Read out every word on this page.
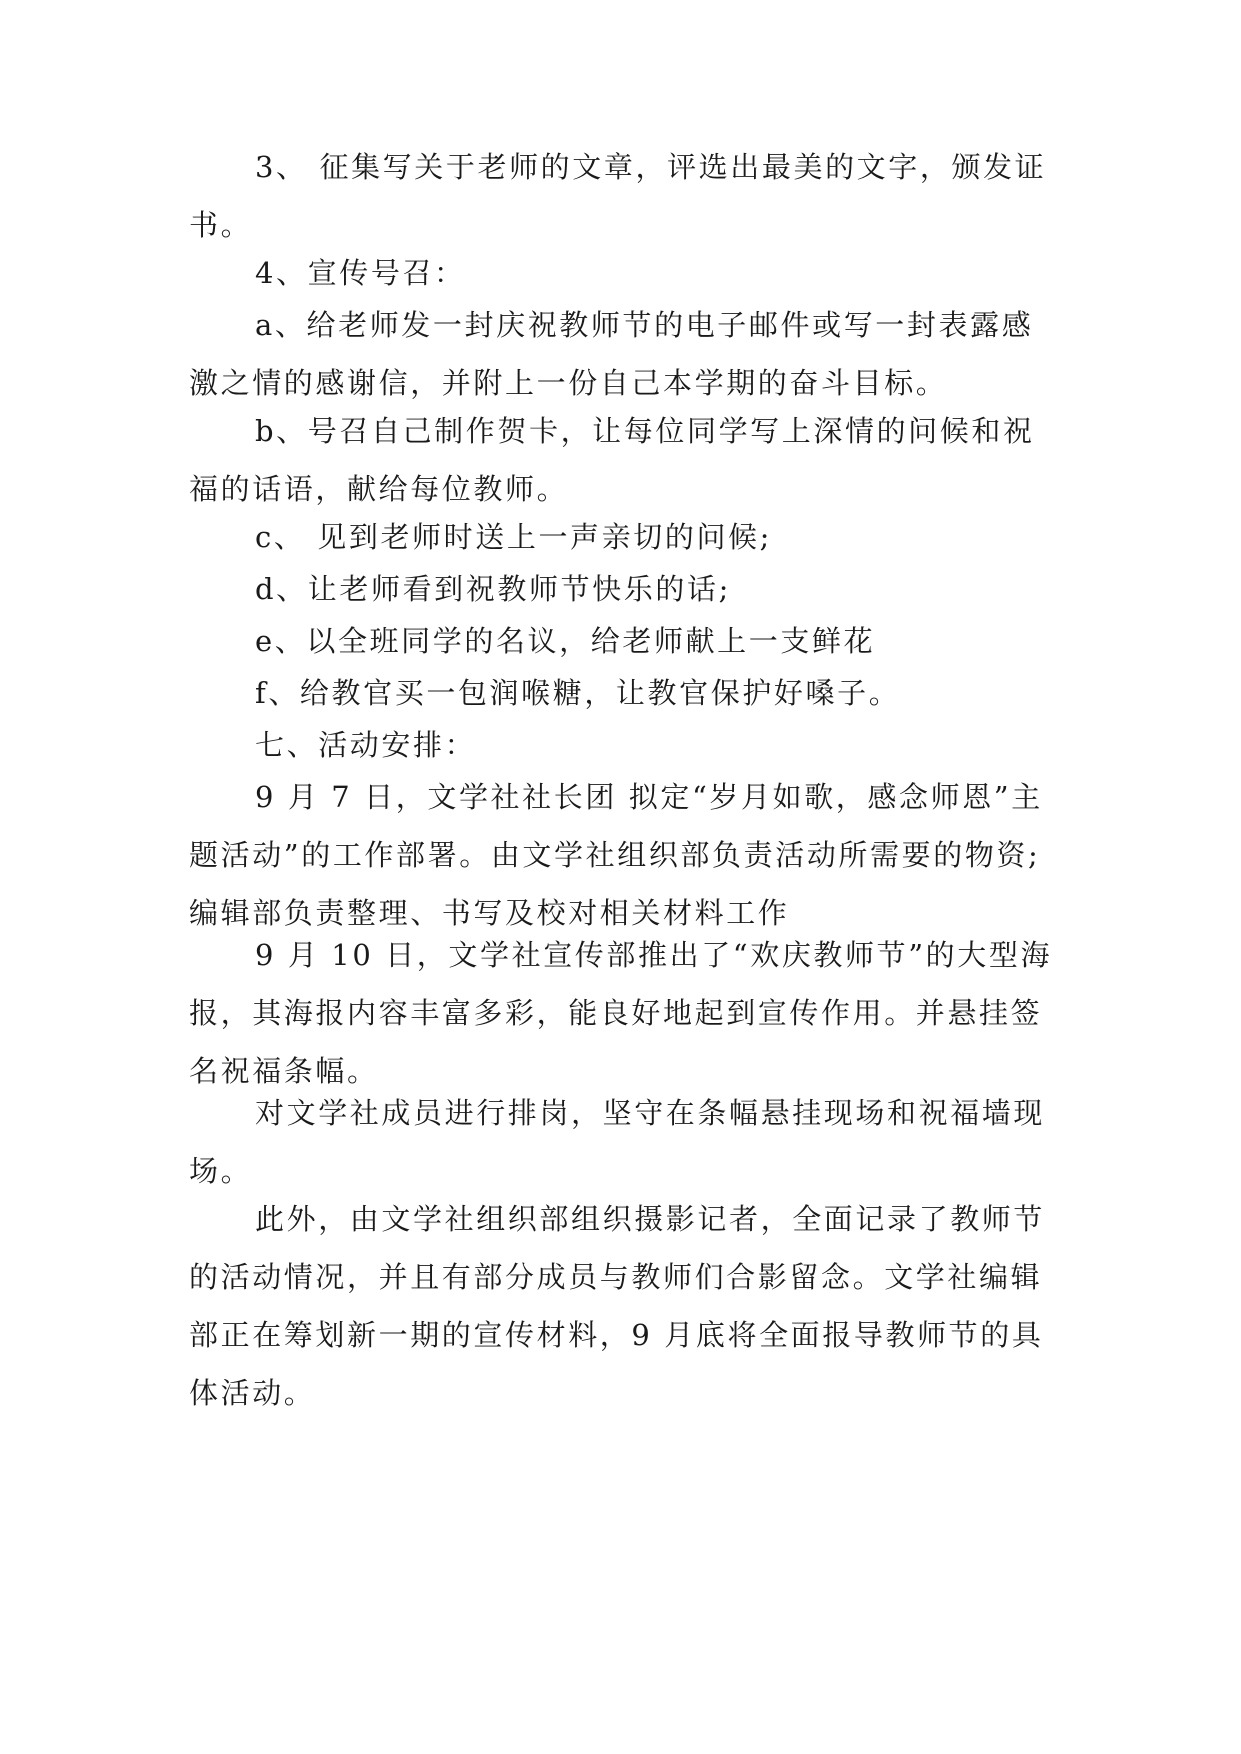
3、 征集写关于老师的文章，评选出最美的文字，颁发证书。

4、宣传号召：

a、给老师发一封庆祝教师节的电子邮件或写一封表露感激之情的感谢信，并附上一份自己本学期的奋斗目标。

b、号召自己制作贺卡，让每位同学写上深情的问候和祝福的话语，献给每位教师。

c、 见到老师时送上一声亲切的问候;

d、让老师看到祝教师节快乐的话;

e、以全班同学的名议，给老师献上一支鲜花

f、给教官买一包润喉糖，让教官保护好嗓子。

七、活动安排：

9 月 7 日，文学社社长团 拟定“岁月如歌，感念师恩”主题活动”的工作部署。由文学社组织部负责活动所需要的物资;编辑部负责整理、书写及校对相关材料工作

9 月 10 日，文学社宣传部推出了“欢庆教师节”的大型海报，其海报内容丰富多彩，能良好地起到宣传作用。并悬挂签名祝福条幅。

对文学社成员进行排岗，坚守在条幅悬挂现场和祝福墙现场。

此外，由文学社组织部组织摄影记者，全面记录了教师节的活动情况，并且有部分成员与教师们合影留念。文学社编辑部正在筹划新一期的宣传材料，9 月底将全面报导教师节的具体活动。
